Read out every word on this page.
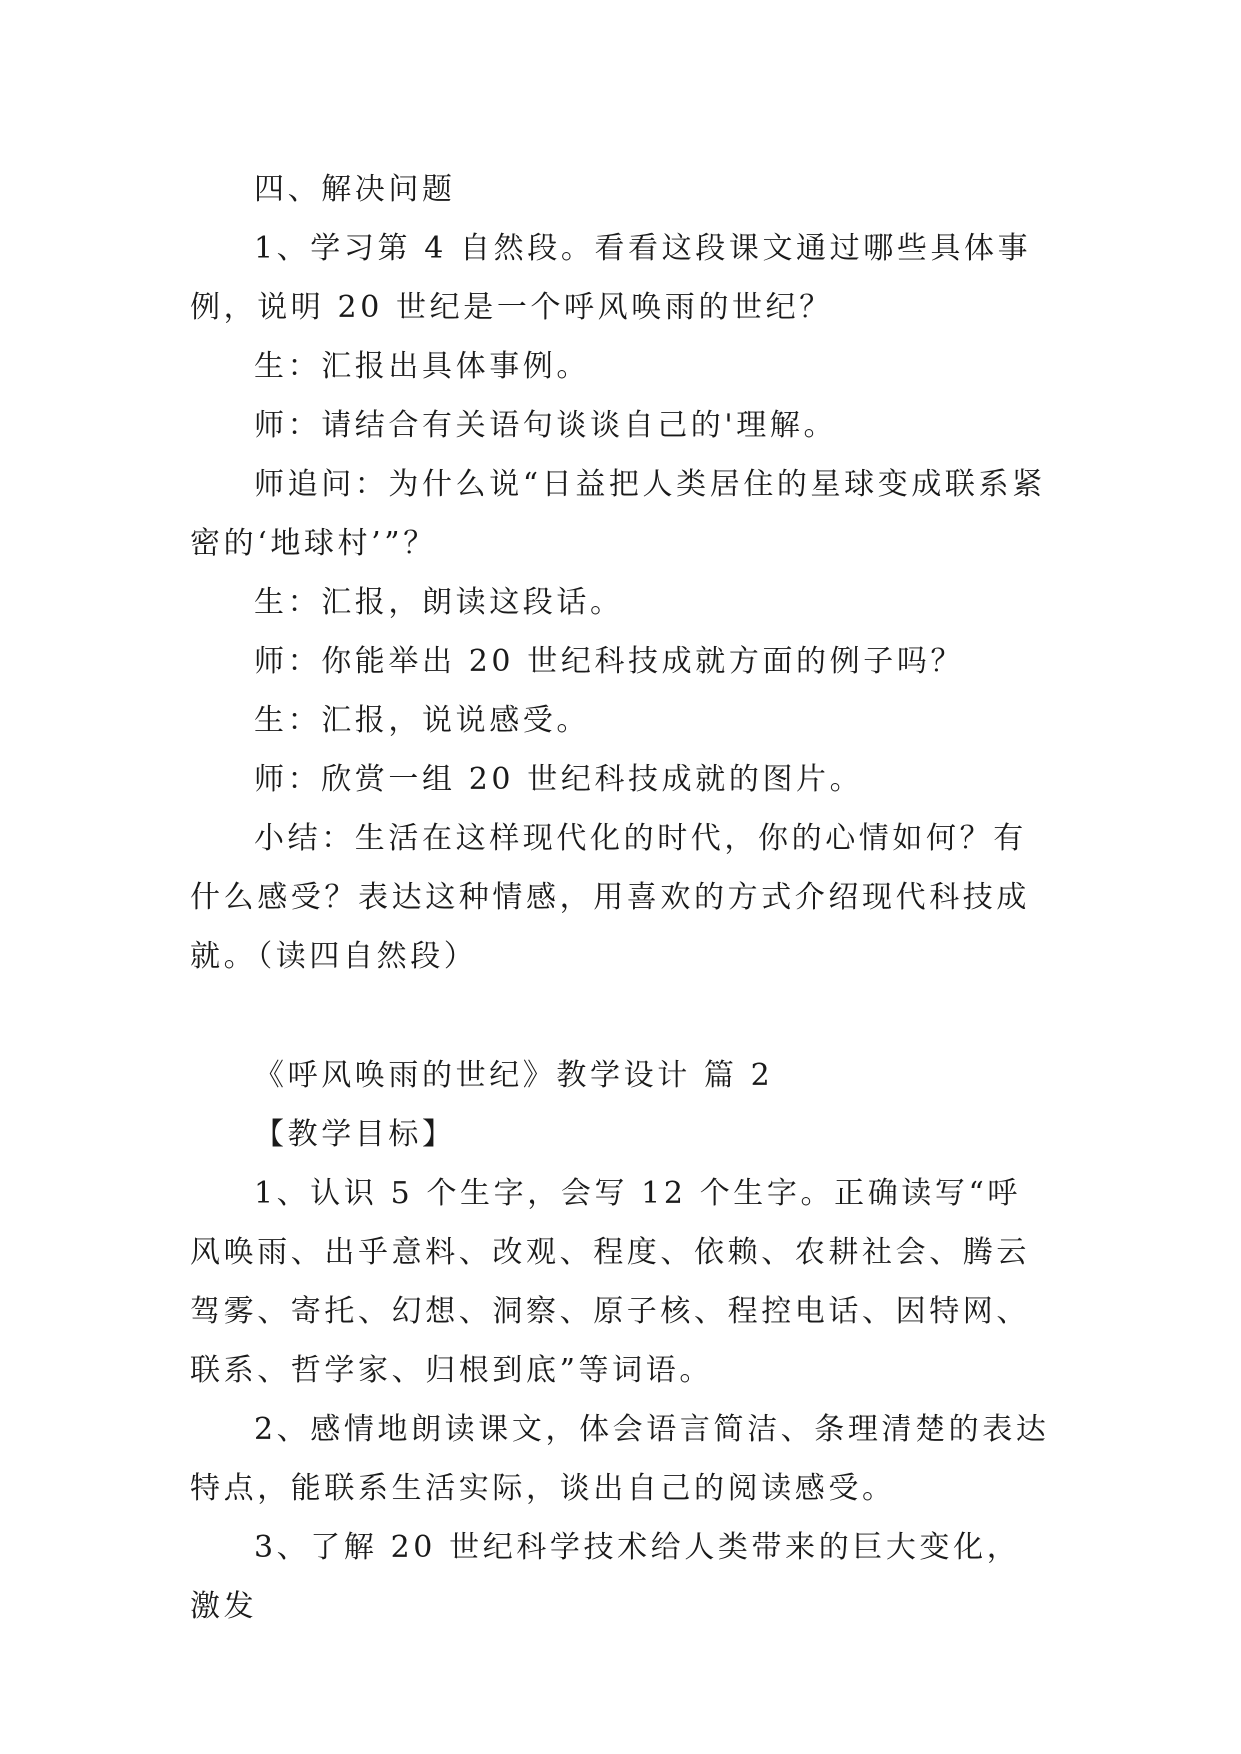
四、解决问题

1、学习第 4 自然段。看看这段课文通过哪些具体事例，说明 20 世纪是一个呼风唤雨的世纪？

生：汇报出具体事例。

师：请结合有关语句谈谈自己的'理解。

师追问：为什么说“日益把人类居住的星球变成联系紧密的‘地球村’”？

生：汇报，朗读这段话。

师：你能举出 20 世纪科技成就方面的例子吗？

生：汇报，说说感受。

师：欣赏一组 20 世纪科技成就的图片。

小结：生活在这样现代化的时代，你的心情如何？有什么感受？表达这种情感，用喜欢的方式介绍现代科技成就。（读四自然段）

《呼风唤雨的世纪》教学设计 篇 2

【教学目标】

1、认识 5 个生字，会写 12 个生字。正确读写“呼风唤雨、出乎意料、改观、程度、依赖、农耕社会、腾云驾雾、寄托、幻想、洞察、原子核、程控电话、因特网、联系、哲学家、归根到底”等词语。

2、感情地朗读课文，体会语言简洁、条理清楚的表达特点，能联系生活实际，谈出自己的阅读感受。

3、了解 20 世纪科学技术给人类带来的巨大变化，激发
